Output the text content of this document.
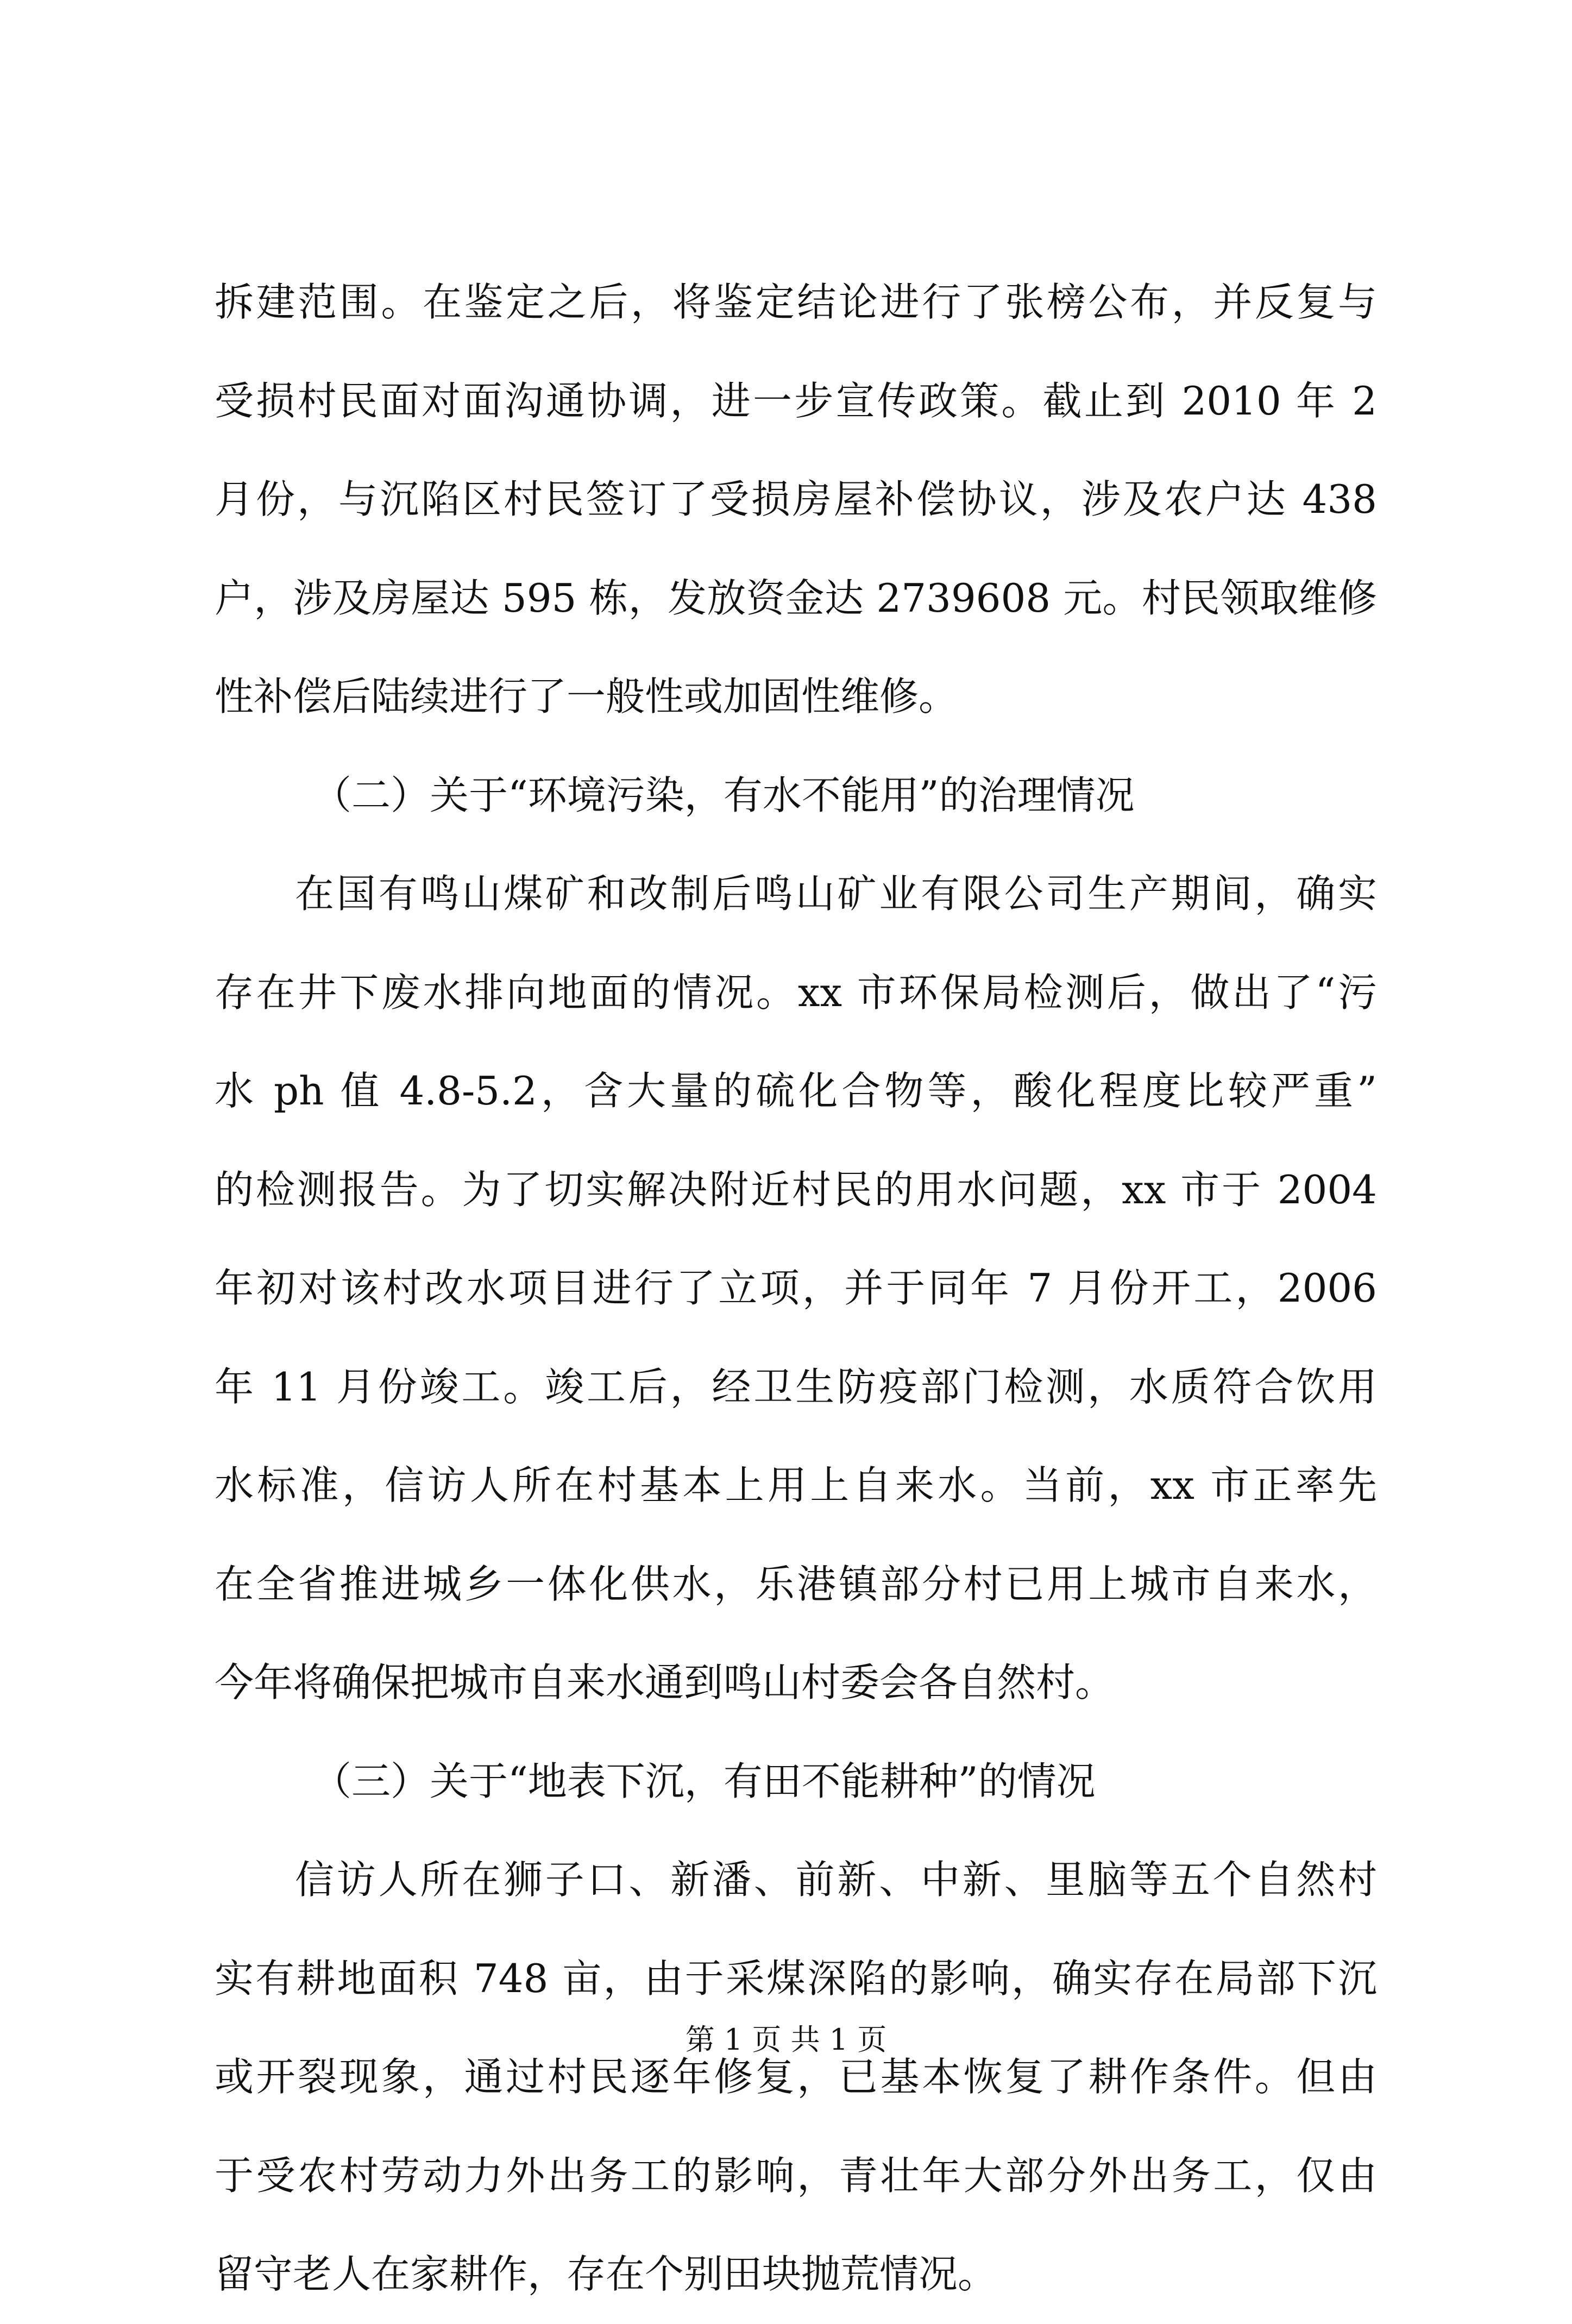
拆建范围。在鉴定之后，将鉴定结论进行了张榜公布，并反复与
受损村民面对面沟通协调，进一步宣传政策。截止到 2010 年 2
月份，与沉陷区村民签订了受损房屋补偿协议，涉及农户达 438
户，涉及房屋达 595 栋，发放资金达 2739608 元。村民领取维修
性补偿后陆续进行了一般性或加固性维修。
（二）关于“环境污染，有水不能用”的治理情况
在国有鸣山煤矿和改制后鸣山矿业有限公司生产期间，确实
存在井下废水排向地面的情况。xx 市环保局检测后，做出了“污
水 ph 值 4.8-5.2，含大量的硫化合物等，酸化程度比较严重”
的检测报告。为了切实解决附近村民的用水问题，xx 市于 2004
年初对该村改水项目进行了立项，并于同年 7 月份开工，2006
年 11 月份竣工。竣工后，经卫生防疫部门检测，水质符合饮用
水标准，信访人所在村基本上用上自来水。当前，xx 市正率先
在全省推进城乡一体化供水，乐港镇部分村已用上城市自来水，
今年将确保把城市自来水通到鸣山村委会各自然村。
（三）关于“地表下沉，有田不能耕种”的情况
信访人所在狮子口、新潘、前新、中新、里脑等五个自然村
实有耕地面积 748 亩，由于采煤深陷的影响，确实存在局部下沉
或开裂现象，通过村民逐年修复，已基本恢复了耕作条件。但由
于受农村劳动力外出务工的影响，青壮年大部分外出务工，仅由
留守老人在家耕作，存在个别田块抛荒情况。
第 1 页 共 1 页
